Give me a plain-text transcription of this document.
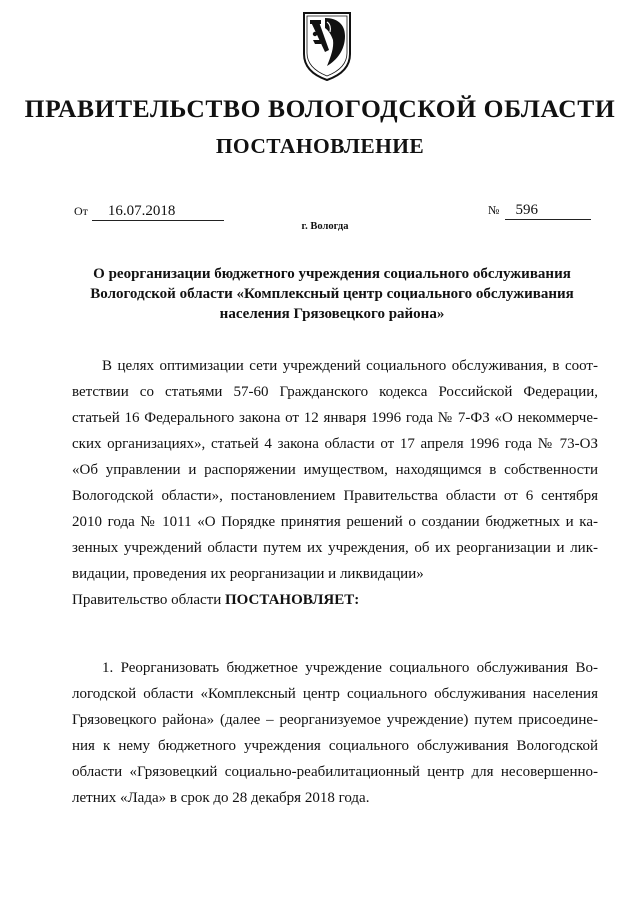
ПРАВИТЕЛЬСТВО ВОЛОГОДСКОЙ ОБЛАСТИ
ПОСТАНОВЛЕНИЕ
От 16.07.2018	№ 596
г. Вологда
О реорганизации бюджетного учреждения социального обслуживания
Вологодской области «Комплексный центр социального обслуживания
населения Грязовецкого района»
В целях оптимизации сети учреждений социального обслуживания, в соот-
ветствии со статьями 57-60 Гражданского кодекса Российской Федерации,
статьей 16 Федерального закона от 12 января 1996 года № 7-ФЗ «О некоммерче-
ских организациях», статьей 4 закона области от 17 апреля 1996 года № 73-ОЗ
«Об управлении и распоряжении имуществом, находящимся в собственности
Вологодской области», постановлением Правительства области от 6 сентября
2010 года № 1011 «О Порядке принятия решений о создании бюджетных и ка-
зенных учреждений области путем их учреждения, об их реорганизации и лик-
видации, проведения их реорганизации и ликвидации»
Правительство области ПОСТАНОВЛЯЕТ:
1. Реорганизовать бюджетное учреждение социального обслуживания Во-
логодской области «Комплексный центр социального обслуживания населения
Грязовецкого района» (далее – реорганизуемое учреждение) путем присоедине-
ния к нему бюджетного учреждения социального обслуживания Вологодской
области «Грязовецкий социально-реабилитационный центр для несовершенно-
летних «Лада» в срок до 28 декабря 2018 года.
